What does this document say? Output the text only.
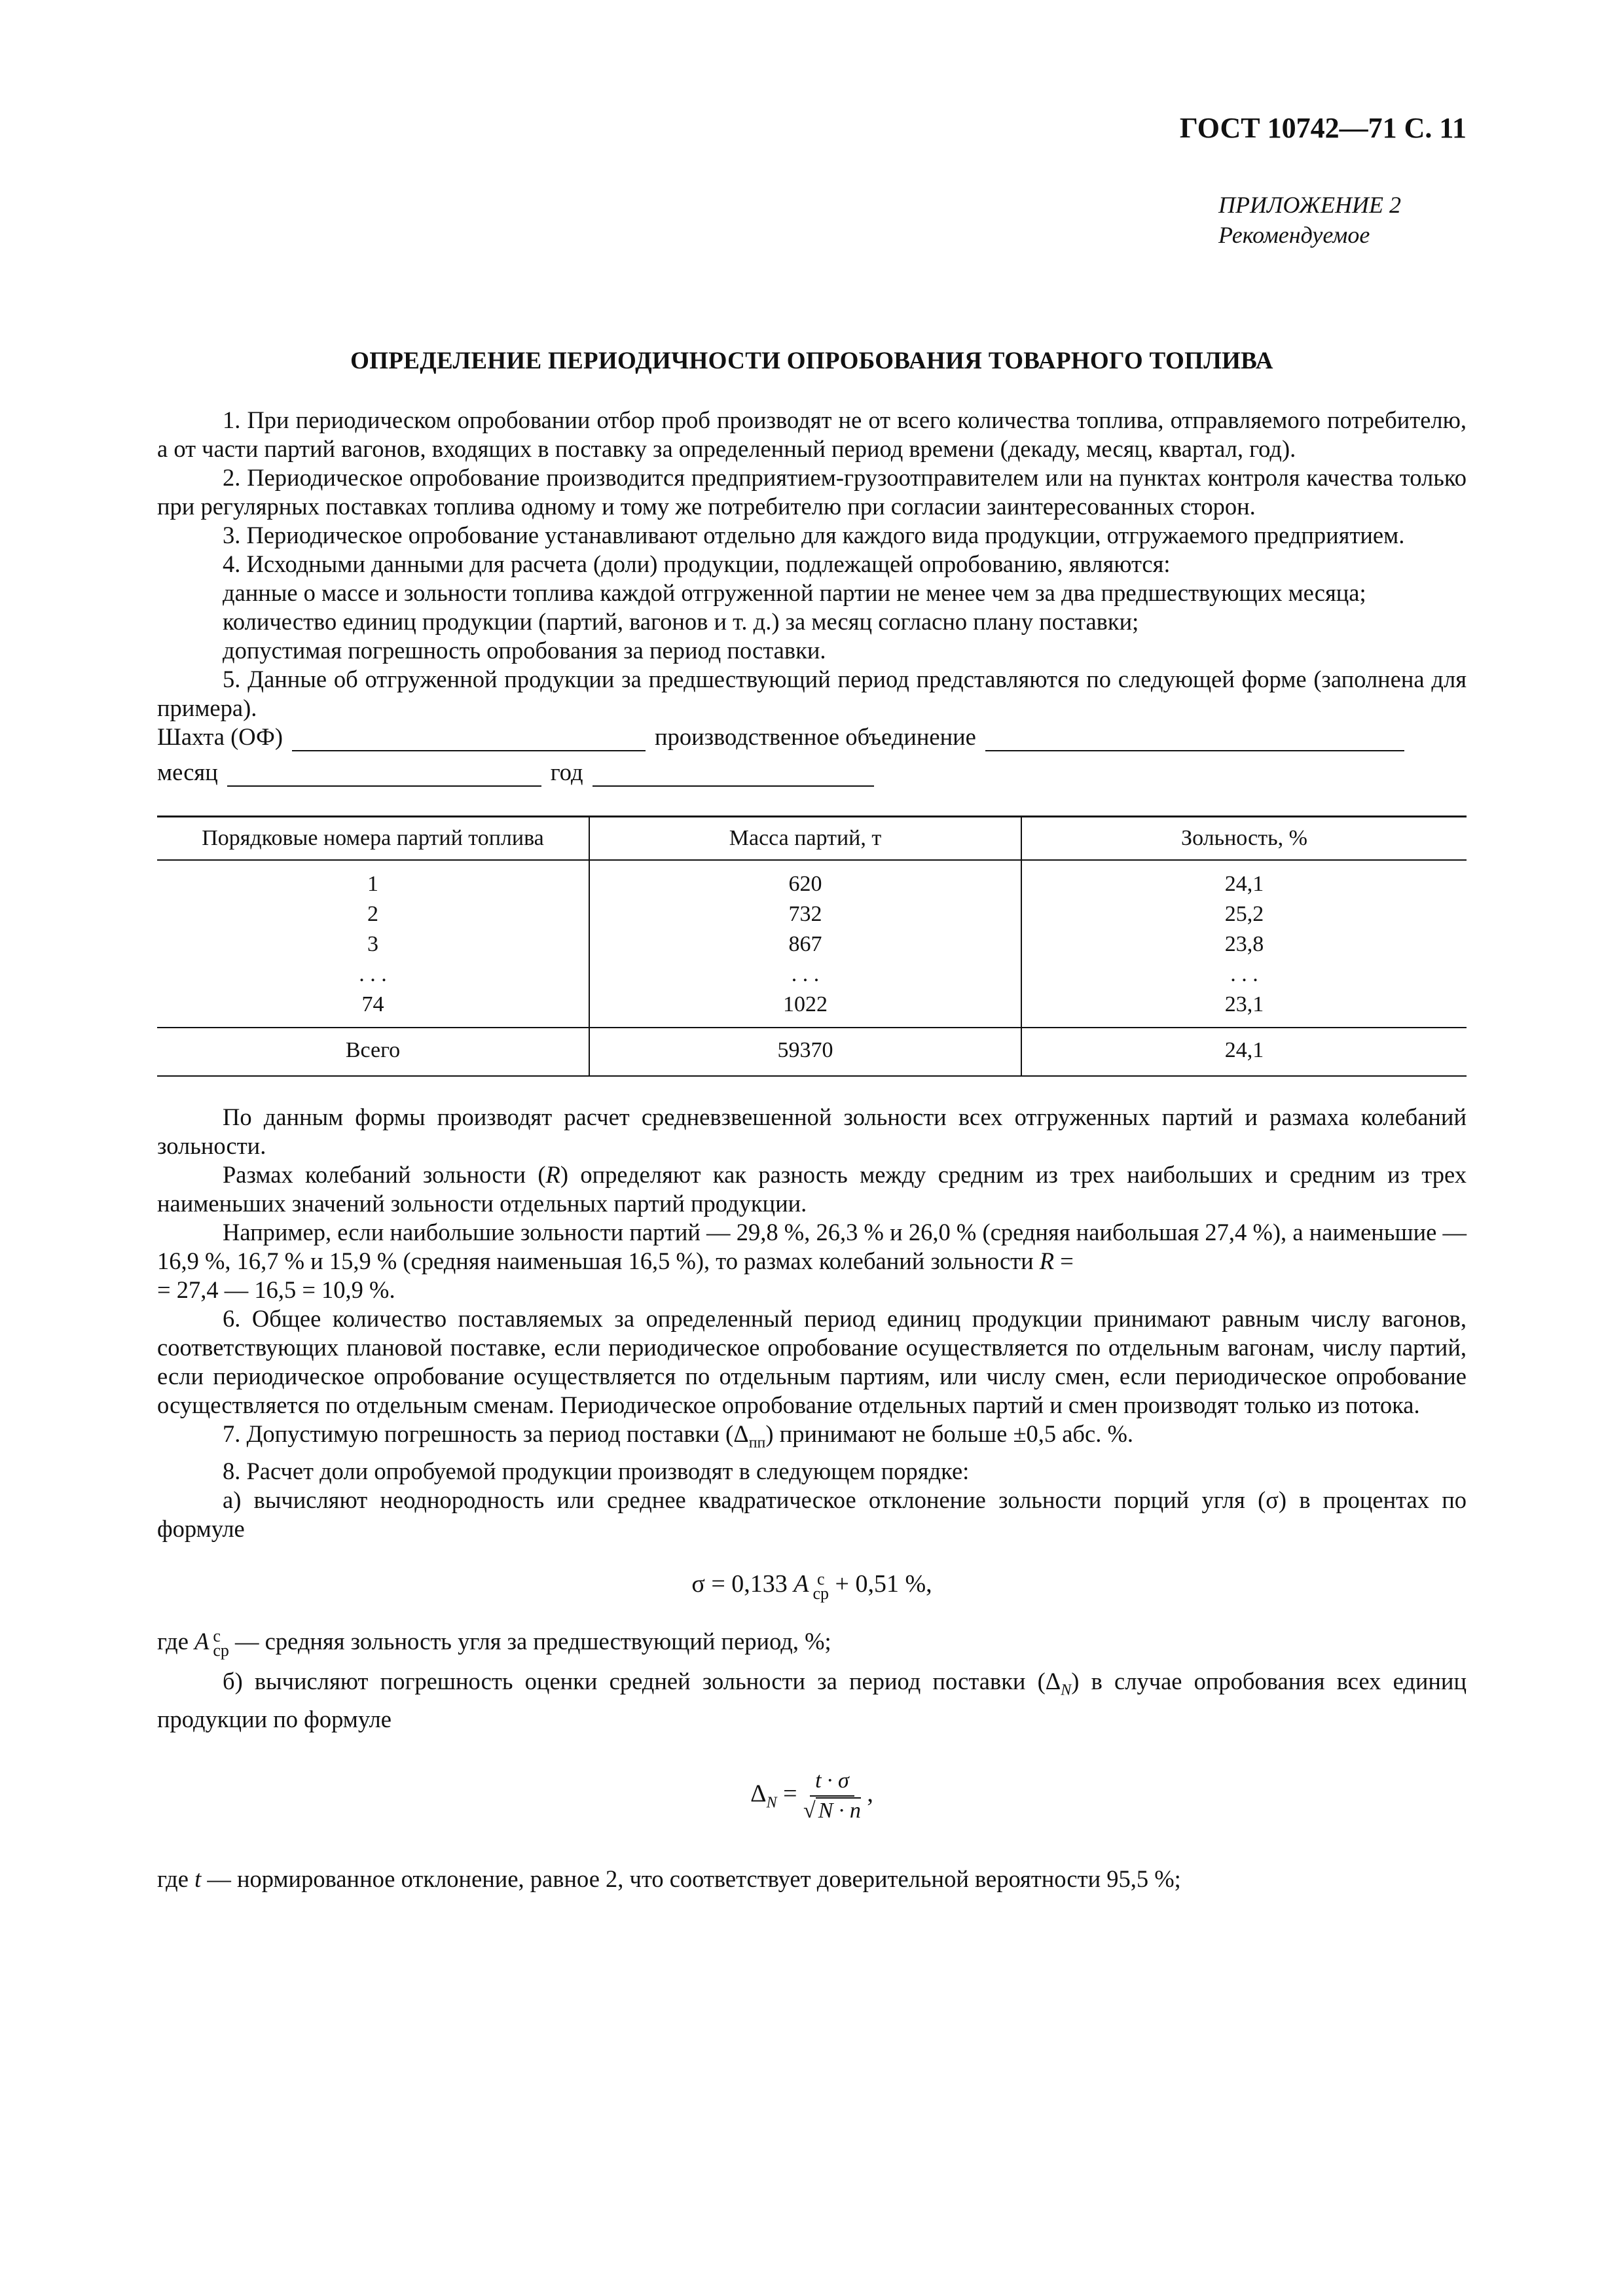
ГОСТ 10742—71 С. 11
ПРИЛОЖЕНИЕ 2
Рекомендуемое
ОПРЕДЕЛЕНИЕ ПЕРИОДИЧНОСТИ ОПРОБОВАНИЯ ТОВАРНОГО ТОПЛИВА

1. При периодическом опробовании отбор проб производят не от всего количества топлива, отправляемого потребителю, а от части партий вагонов, входящих в поставку за определенный период времени (декаду, месяц, квартал, год).

2. Периодическое опробование производится предприятием-грузоотправителем или на пунктах контроля качества только при регулярных поставках топлива одному и тому же потребителю при согласии заинтересованных сторон.

3. Периодическое опробование устанавливают отдельно для каждого вида продукции, отгружаемого предприятием.

4. Исходными данными для расчета (доли) продукции, подлежащей опробованию, являются:

данные о массе и зольности топлива каждой отгруженной партии не менее чем за два предшествующих месяца;

количество единиц продукции (партий, вагонов и т. д.) за месяц согласно плану поставки;

допустимая погрешность опробования за период поставки.

5. Данные об отгруженной продукции за предшествующий период представляются по следующей форме (заполнена для примера).

Шахта (ОФ)	производственное объединение
месяц	год
Порядковые номера партий топлива	Масса партий, т	Зольность, %
1	620	24,1
2	732	25,2
3	867	23,8
. . .	. . .	. . .
74	1022	23,1
Всего	59370	24,1

По данным формы производят расчет средневзвешенной зольности всех отгруженных партий и размаха колебаний зольности.

Размах колебаний зольности (R) определяют как разность между средним из трех наибольших и средним из трех наименьших значений зольности отдельных партий продукции.

Например, если наибольшие зольности партий — 29,8 %, 26,3 % и 26,0 % (средняя наибольшая 27,4 %), а наименьшие — 16,9 %, 16,7 % и 15,9 % (средняя наименьшая 16,5 %), то размах колебаний зольности R =

= 27,4 — 16,5 = 10,9 %.

6. Общее количество поставляемых за определенный период единиц продукции принимают равным числу вагонов, соответствующих плановой поставке, если периодическое опробование осуществляется по отдельным вагонам, числу партий, если периодическое опробование осуществляется по отдельным партиям, или числу смен, если периодическое опробование осуществляется по отдельным сменам. Периодическое опробование отдельных партий и смен производят только из потока.

7. Допустимую погрешность за период поставки $(\Delta_{пп})$ принимают не больше ±0,5 абс. %.

8. Расчет доли опробуемой продукции производят в следующем порядке:

а) вычисляют неоднородность или среднее квадратическое отклонение зольности порций угля (σ) в процентах по формуле

σ = 0,133 A с
ср + 0,51 %,

где A с
ср — средняя зольность угля за предшествующий период, %;

б) вычисляют погрешность оценки средней зольности за период поставки $(\Delta_N)$ в случае опробования всех единиц продукции по формуле

$\Delta_N = \frac{t \cdot \sigma}{√ N \cdot n}$ ,

где t — нормированное отклонение, равное 2, что соответствует доверительной вероятности 95,5 %;
